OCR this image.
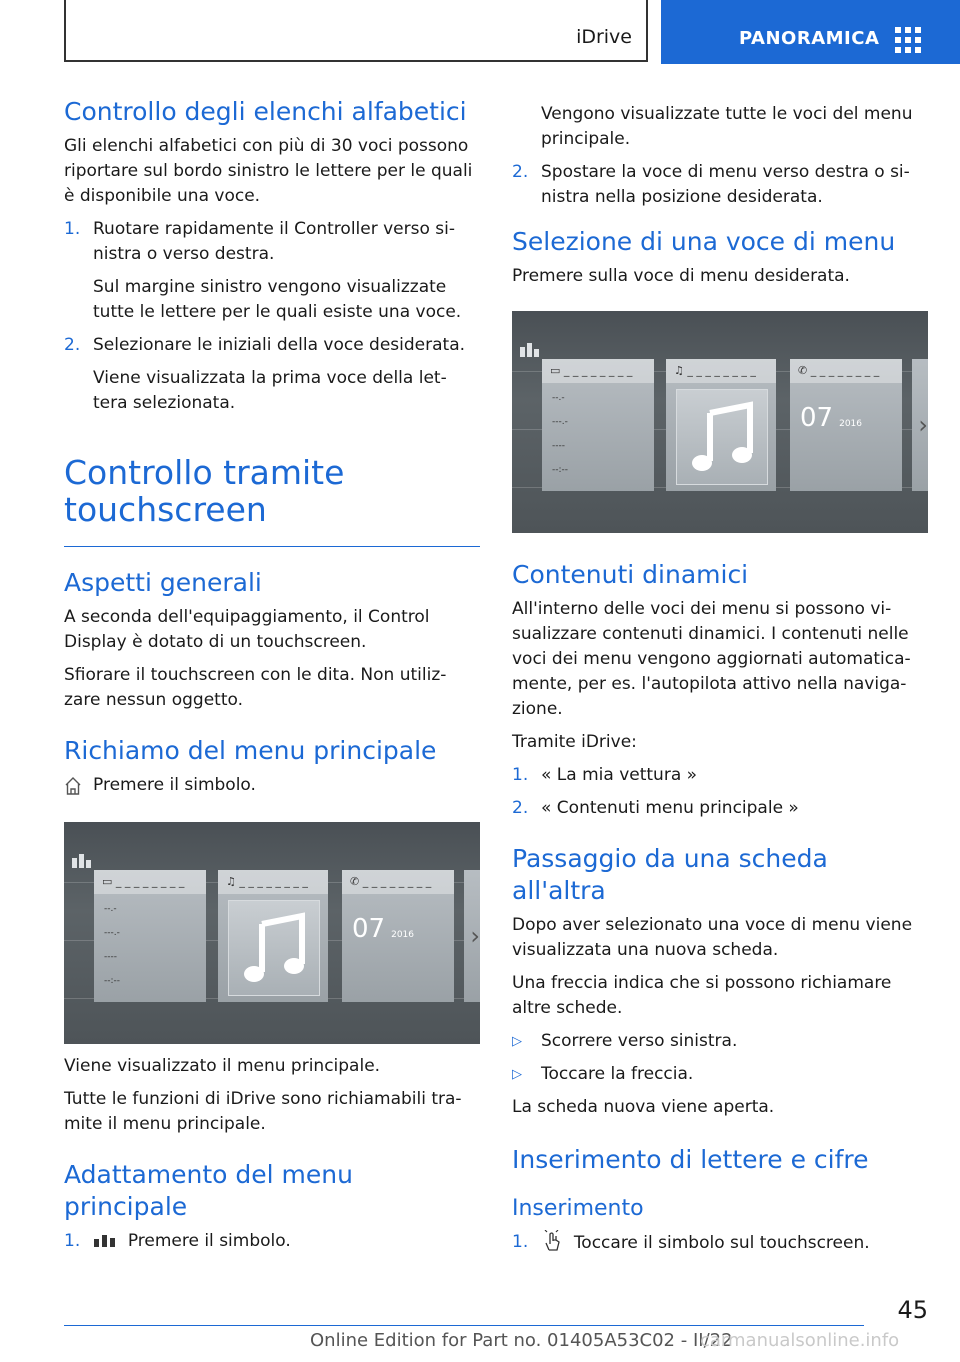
iDrive	PANORAMICA
Controllo degli elenchi alfabetici

Gli elenchi alfabetici con più di 30 voci possono riportare sul bordo sinistro le lettere per le quali è disponibile una voce.

1. Ruotare rapidamente il Controller verso si‐nistra o verso destra.

Sul margine sinistro vengono visualizzate tutte le lettere per le quali esiste una voce.

2. Selezionare le iniziali della voce desiderata.

Viene visualizzata la prima voce della let‐tera selezionata.

Controllo tramite touchscreen
Aspetti generali

A seconda dell'equipaggiamento, il Control Display è dotato di un touchscreen.

Sfiorare il touchscreen con le dita. Non utiliz‐zare nessun oggetto.

Richiamo del menu principale
Premere il simbolo.
▭ _ _ _ _ _ _ _ _
--.-
---.-
----
--:--
♫ _ _ _ _ _ _ _ _	✆ _ _ _ _ _ _ _ _
07 2016 ›

Viene visualizzato il menu principale.

Tutte le funzioni di iDrive sono richiamabili tra‐mite il menu principale.

Adattamento del menu principale
1.	Premere il simbolo.

Vengono visualizzate tutte le voci del menu principale.

2. Spostare la voce di menu verso destra o si‐nistra nella posizione desiderata.
Selezione di una voce di menu

Premere sulla voce di menu desiderata.

▭ _ _ _ _ _ _ _ _
--.-
---.-
----
--:--
♫ _ _ _ _ _ _ _ _	✆ _ _ _ _ _ _ _ _
07 2016 ›
Contenuti dinamici

All'interno delle voci dei menu si possono vi‐sualizzare contenuti dinamici. I contenuti nelle voci dei menu vengono aggiornati automatica‐mente, per es. l'autopilota attivo nella naviga‐zione.

Tramite iDrive:

1. « La mia vettura »
2. « Contenuti menu principale »
Passaggio da una scheda all'altra

Dopo aver selezionato una voce di menu viene visualizzata una nuova scheda.

Una freccia indica che si possono richiamare altre schede.

▷ Scorrere verso sinistra.
▷ Toccare la freccia.

La scheda nuova viene aperta.

Inserimento di lettere e cifre
Inserimento
1.	Toccare il simbolo sul touchscreen.
45
Online Edition for Part no. 01405A53C02 - II/22
carmanualsonline.info
